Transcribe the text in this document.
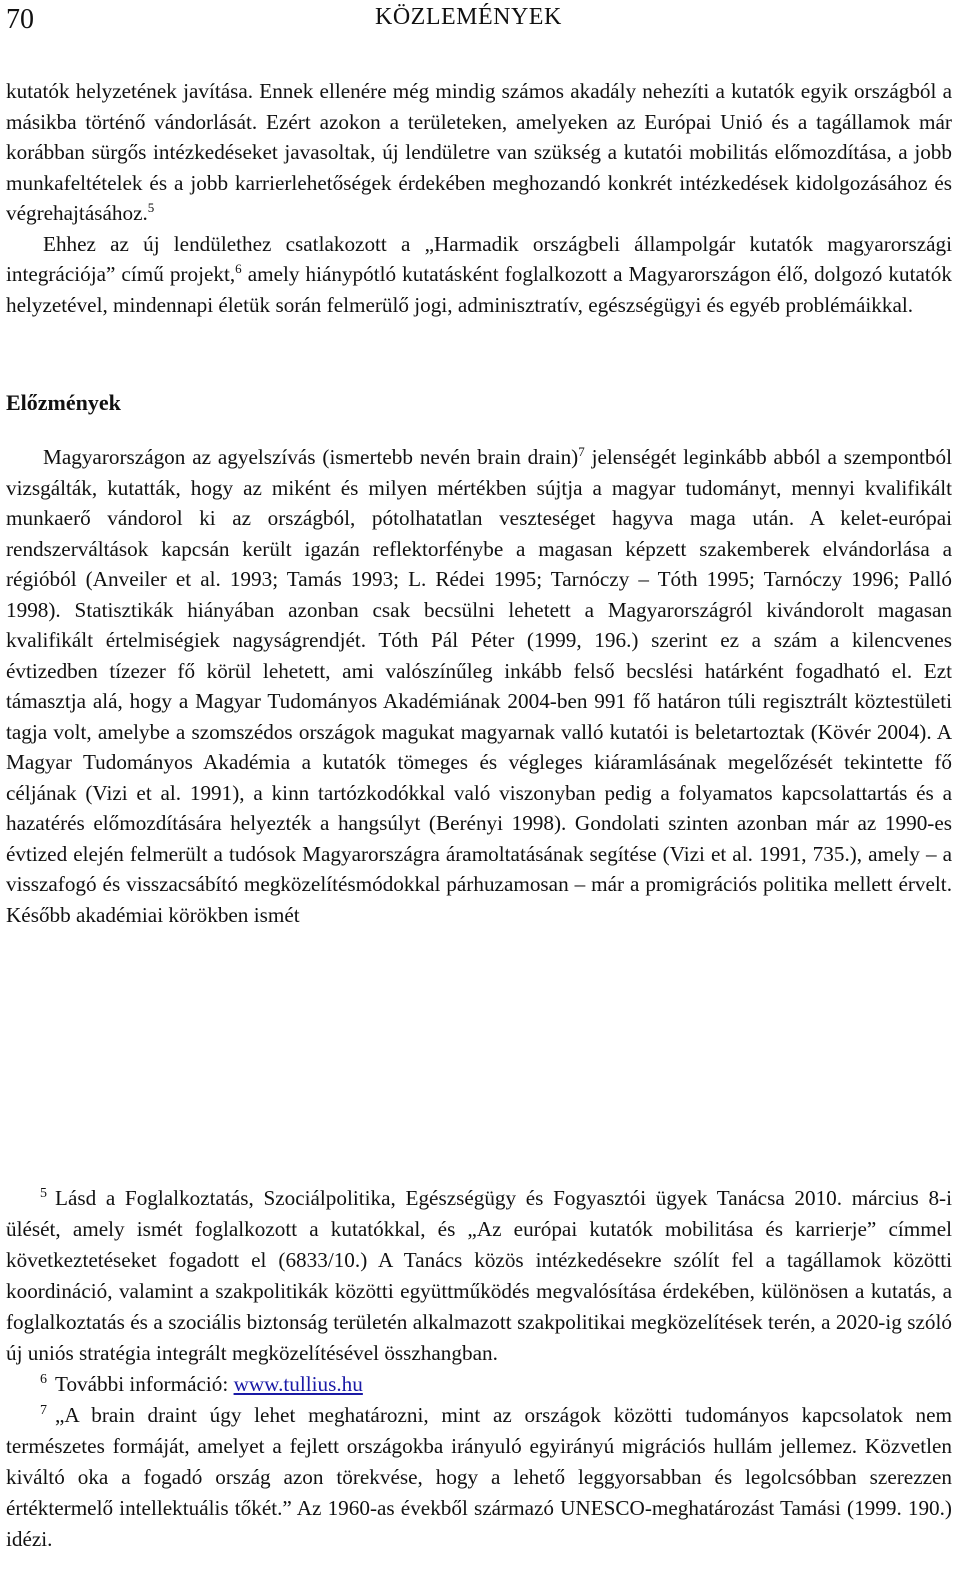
70	KÖZLEMÉNYEK

kutatók helyzetének javítása. Ennek ellenére még mindig számos akadály nehezíti a kutatók egyik országból a másikba történő vándorlását. Ezért azokon a területeken, amelyeken az Európai Unió és a tagállamok már korábban sürgős intézkedéseket javasoltak, új lendületre van szükség a kutatói mobilitás előmozdítása, a jobb munkafeltételek és a jobb karrierlehetőségek érdekében meghozandó konkrét intézkedések kidolgozásához és végrehajtásához.$^5$

Ehhez az új lendülethez csatlakozott a „Harmadik országbeli állampolgár kutatók magyarországi integrációja” című projekt,$^6$ amely hiánypótló kutatásként foglalkozott a Magyarországon élő, dolgozó kutatók helyzetével, mindennapi életük során felmerülő jogi, adminisztratív, egészségügyi és egyéb problémáikkal.

Előzmények

Magyarországon az agyelszívás (ismertebb nevén brain drain)$^7$ jelenségét leginkább abból a szempontból vizsgálták, kutatták, hogy az miként és milyen mértékben sújtja a magyar tudományt, mennyi kvalifikált munkaerő vándorol ki az országból, pótolhatatlan veszteséget hagyva maga után. A kelet-európai rendszerváltások kapcsán került igazán reflektorfénybe a magasan képzett szakemberek elvándorlása a régióból (Anveiler et al. 1993; Tamás 1993; L. Rédei 1995; Tarnóczy – Tóth 1995; Tarnóczy 1996; Palló 1998). Statisztikák hiányában azonban csak becsülni lehetett a Magyarországról kivándorolt magasan kvalifikált értelmiségiek nagyságrendjét. Tóth Pál Péter (1999, 196.) szerint ez a szám a kilencvenes évtizedben tízezer fő körül lehetett, ami valószínűleg inkább felső becslési határként fogadható el. Ezt támasztja alá, hogy a Magyar Tudományos Akadémiának 2004-ben 991 fő határon túli regisztrált köztestületi tagja volt, amelybe a szomszédos országok magukat magyarnak valló kutatói is beletartoztak (Kövér 2004). A Magyar Tudományos Akadémia a kutatók tömeges és végleges kiáramlásának megelőzését tekintette fő céljának (Vizi et al. 1991), a kinn tartózkodókkal való viszonyban pedig a folyamatos kapcsolattartás és a hazatérés előmozdítására helyezték a hangsúlyt (Berényi 1998). Gondolati szinten azonban már az 1990-es évtized elején felmerült a tudósok Magyarországra áramoltatásának segítése (Vizi et al. 1991, 735.), amely – a visszafogó és visszacsábító megközelítésmódokkal párhuzamosan – már a promigrációs politika mellett érvelt. Később akadémiai körökben ismét

$^5$ Lásd a Foglalkoztatás, Szociálpolitika, Egészségügy és Fogyasztói ügyek Tanácsa 2010. március 8-i ülését, amely ismét foglalkozott a kutatókkal, és „Az európai kutatók mobilitása és karrierje” címmel következtetéseket fogadott el (6833/10.) A Tanács közös intézkedésekre szólít fel a tagállamok közötti koordináció, valamint a szakpolitikák közötti együttműködés megvalósítása érdekében, különösen a kutatás, a foglalkoztatás és a szociális biztonság területén alkalmazott szakpolitikai megközelítések terén, a 2020-ig szóló új uniós stratégia integrált megközelítésével összhangban.

$^6$ További információ: www.tullius.hu

$^7$ „A brain draint úgy lehet meghatározni, mint az országok közötti tudományos kapcsolatok nem természetes formáját, amelyet a fejlett országokba irányuló egyirányú migrációs hullám jellemez. Közvetlen kiváltó oka a fogadó ország azon törekvése, hogy a lehető leggyorsabban és legolcsóbban szerezzen értéktermelő intellektuális tőkét.” Az 1960-as évekből származó UNESCO-meghatározást Tamási (1999. 190.) idézi.
